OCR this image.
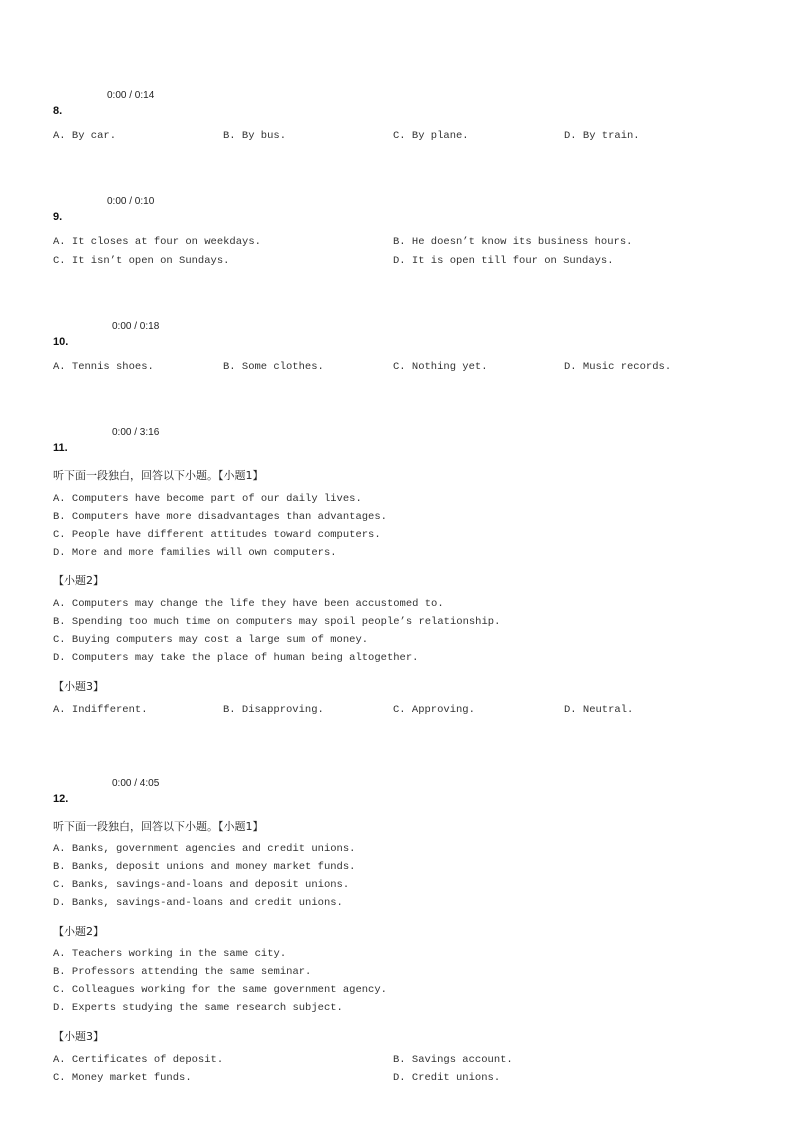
0:00 / 0:14
8.
A. By car.	B. By bus.	C. By plane.	D. By train.
0:00 / 0:10
9.
A. It closes at four on weekdays.	B. He doesn’t know its business hours.
C. It isn’t open on Sundays.	D. It is open till four on Sundays.
0:00 / 0:18
10.
A. Tennis shoes.	B. Some clothes.	C. Nothing yet.	D. Music records.
0:00 / 3:16
11.
听下面一段独白，回答以下小题。【小题1】
A. Computers have become part of our daily lives.
B. Computers have more disadvantages than advantages.
C. People have different attitudes toward computers.
D. More and more families will own computers.
【小题2】
A. Computers may change the life they have been accustomed to.
B. Spending too much time on computers may spoil people’s relationship.
C. Buying computers may cost a large sum of money.
D. Computers may take the place of human being altogether.
【小题3】
A. Indifferent.	B. Disapproving.	C. Approving.	D. Neutral.
0:00 / 4:05
12.
听下面一段独白，回答以下小题。【小题1】
A. Banks, government agencies and credit unions.
B. Banks, deposit unions and money market funds.
C. Banks, savings-and-loans and deposit unions.
D. Banks, savings-and-loans and credit unions.
【小题2】
A. Teachers working in the same city.
B. Professors attending the same seminar.
C. Colleagues working for the same government agency.
D. Experts studying the same research subject.
【小题3】
A. Certificates of deposit.	B. Savings account.
C. Money market funds.	D. Credit unions.
